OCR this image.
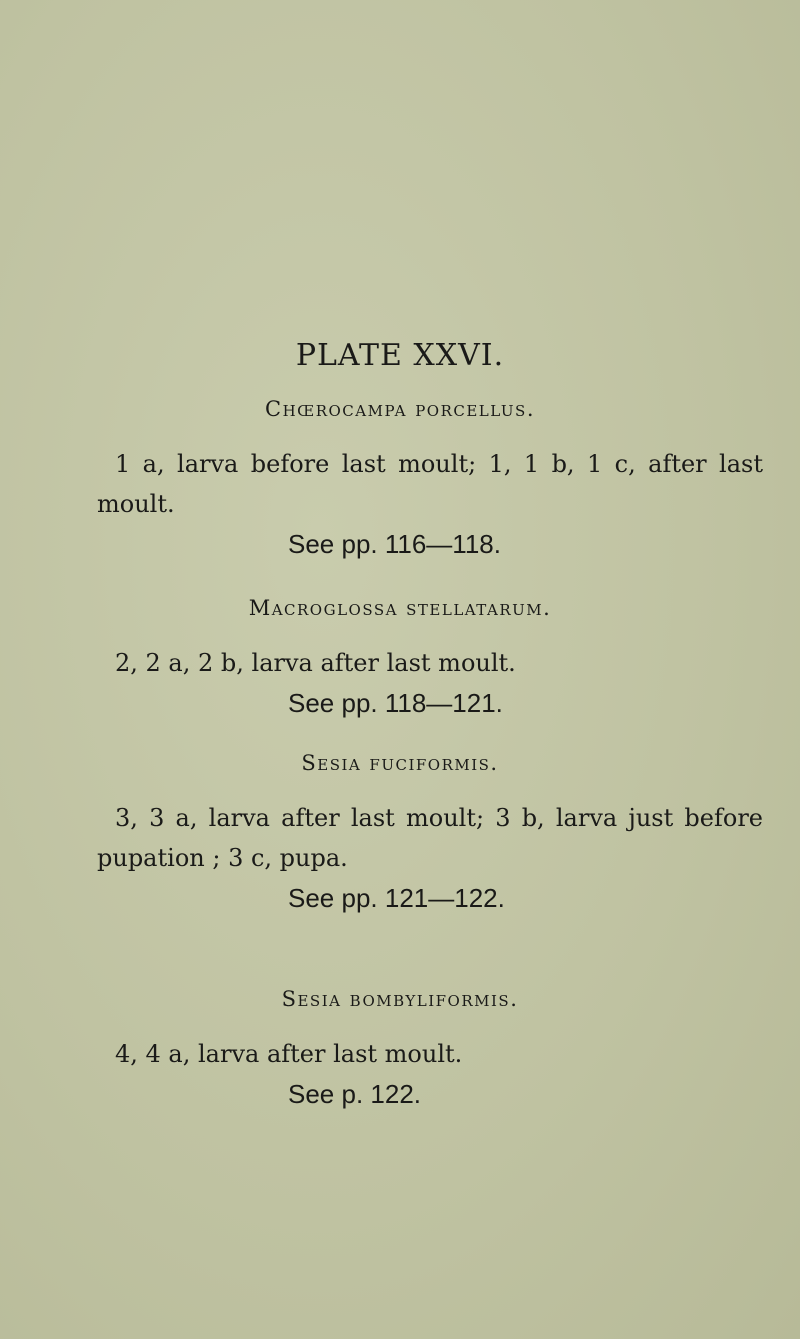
PLATE XXVI.
Chœrocampa porcellus.
1 a, larva before last moult; 1, 1 b, 1 c, after last moult.
See pp. 116—118.
Macroglossa stellatarum.
2, 2 a, 2 b, larva after last moult.
See pp. 118—121.
Sesia fuciformis.
3, 3 a, larva after last moult; 3 b, larva just before pupation ; 3 c, pupa.
See pp. 121—122.
Sesia bombyliformis.
4, 4 a, larva after last moult.
See p. 122.
